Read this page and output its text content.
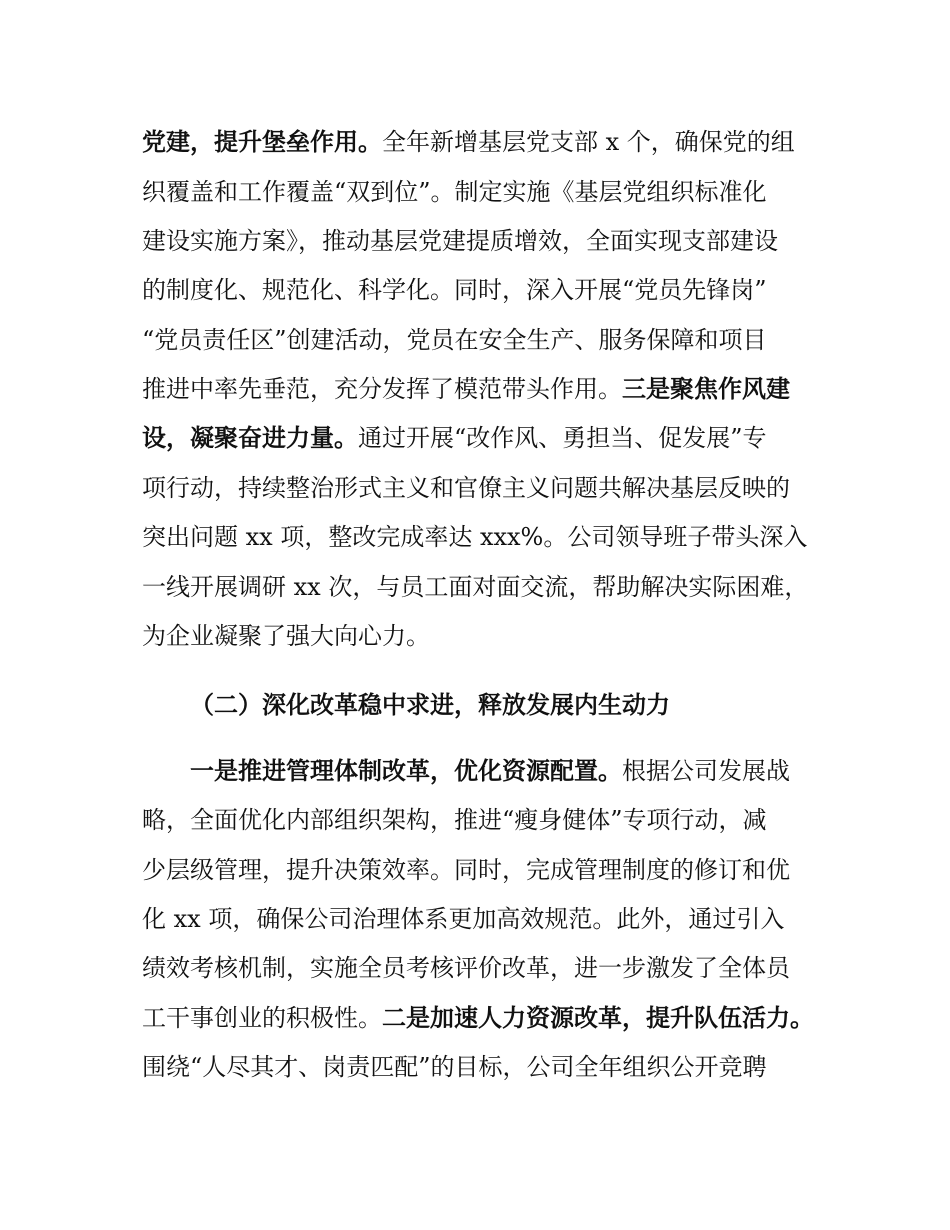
党建，提升堡垒作用。全年新增基层党支部 x 个，确保党的组
织覆盖和工作覆盖“双到位”。制定实施《基层党组织标准化
建设实施方案》，推动基层党建提质增效，全面实现支部建设
的制度化、规范化、科学化。同时，深入开展“党员先锋岗”
“党员责任区”创建活动，党员在安全生产、服务保障和项目
推进中率先垂范，充分发挥了模范带头作用。三是聚焦作风建
设，凝聚奋进力量。通过开展“改作风、勇担当、促发展”专
项行动，持续整治形式主义和官僚主义问题共解决基层反映的
突出问题 xx 项，整改完成率达 xxx%。公司领导班子带头深入
一线开展调研 xx 次，与员工面对面交流，帮助解决实际困难，
为企业凝聚了强大向心力。
（二）深化改革稳中求进，释放发展内生动力
一是推进管理体制改革，优化资源配置。根据公司发展战
略，全面优化内部组织架构，推进“瘦身健体”专项行动，减
少层级管理，提升决策效率。同时，完成管理制度的修订和优
化 xx 项，确保公司治理体系更加高效规范。此外，通过引入
绩效考核机制，实施全员考核评价改革，进一步激发了全体员
工干事创业的积极性。二是加速人力资源改革，提升队伍活力。
围绕“人尽其才、岗责匹配”的目标，公司全年组织公开竞聘
